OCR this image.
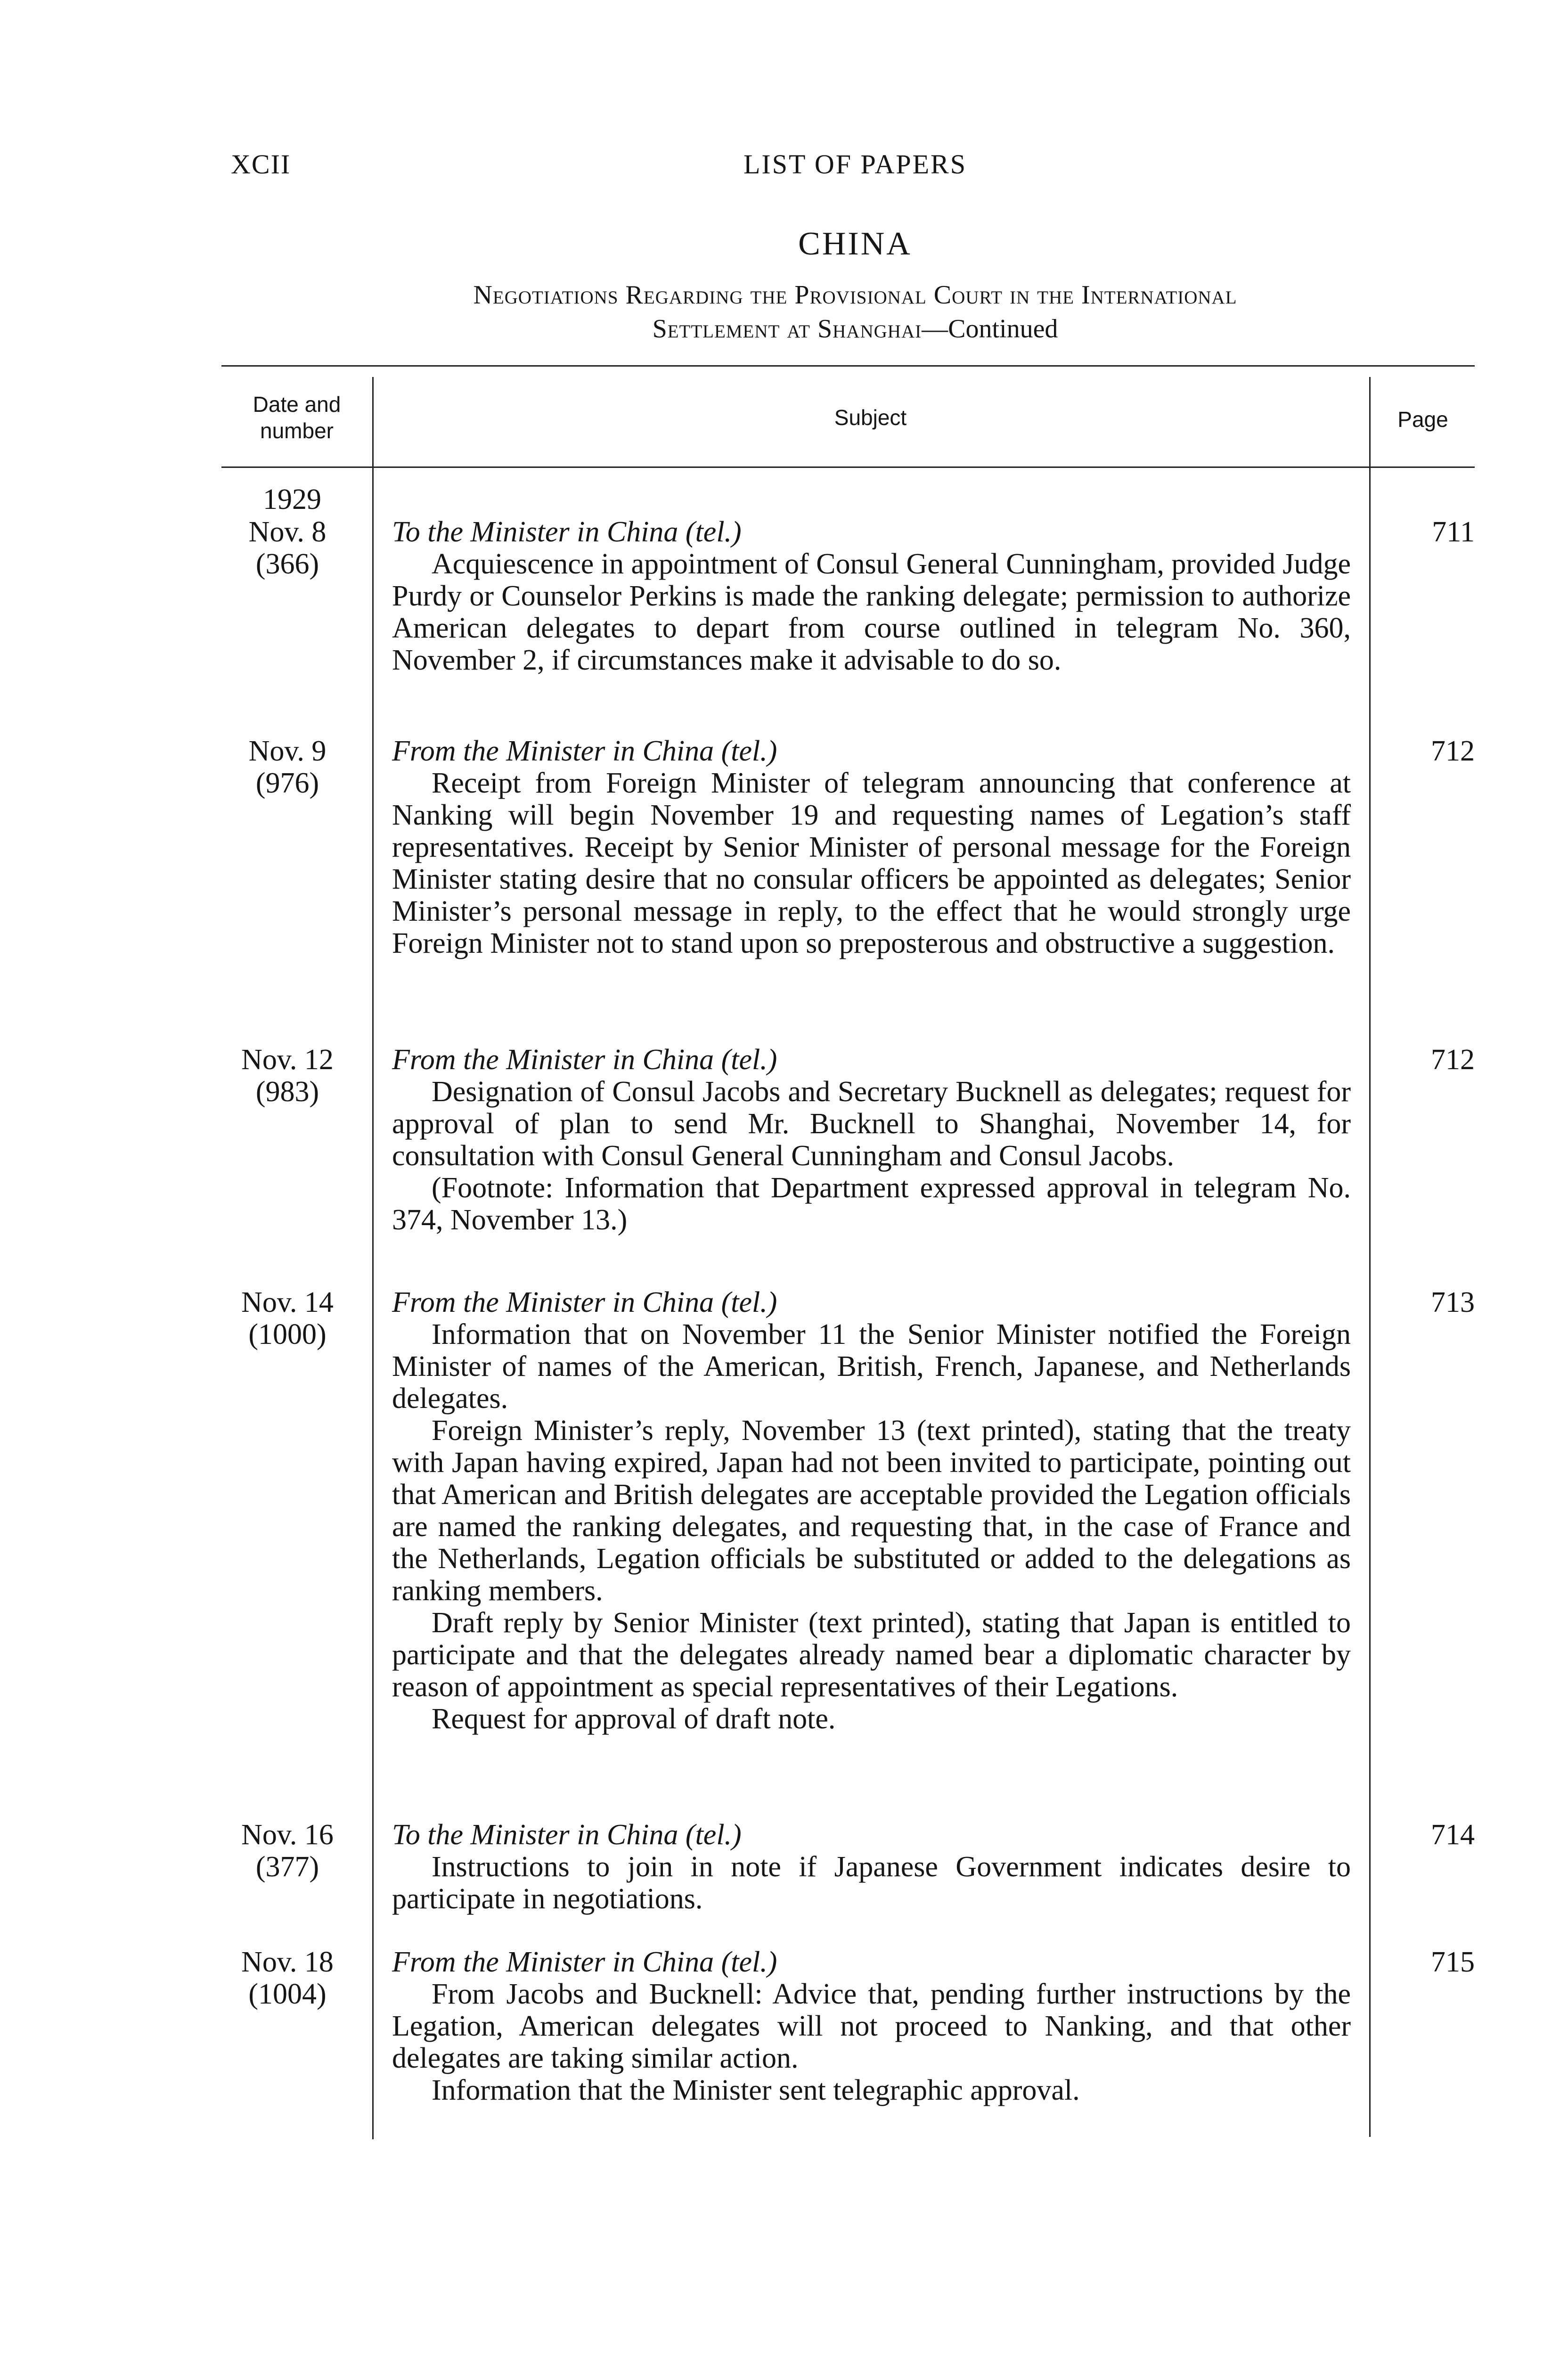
XCII	LIST OF PAPERS
CHINA
Negotiations Regarding the Provisional Court in the International
Settlement at Shanghai—Continued
Date and number
Subject	Page
1929
Nov. 8
(366)

To the Minister in China (tel.)

Acquiescence in appointment of Consul General Cunningham, provided Judge Purdy or Counselor Perkins is made the ranking delegate; permission to authorize American delegates to depart from course outlined in telegram No. 360, November 2, if circumstances make it advisable to do so.

711
Nov. 9
(976)

From the Minister in China (tel.)

Receipt from Foreign Minister of telegram announcing that conference at Nanking will begin November 19 and requesting names of Legation’s staff representatives. Receipt by Senior Minister of personal message for the Foreign Minister stating desire that no consular officers be appointed as delegates; Senior Minister’s personal message in reply, to the effect that he would strongly urge Foreign Minister not to stand upon so preposterous and obstructive a suggestion.

712
Nov. 12
(983)

From the Minister in China (tel.)

Designation of Consul Jacobs and Secretary Bucknell as delegates; request for approval of plan to send Mr. Bucknell to Shanghai, November 14, for consultation with Consul General Cunningham and Consul Jacobs.

(Footnote: Information that Department expressed approval in telegram No. 374, November 13.)

712
Nov. 14
(1000)

From the Minister in China (tel.)

Information that on November 11 the Senior Minister notified the Foreign Minister of names of the American, British, French, Japanese, and Netherlands delegates.

Foreign Minister’s reply, November 13 (text printed), stating that the treaty with Japan having expired, Japan had not been invited to participate, pointing out that American and British delegates are acceptable provided the Legation officials are named the ranking delegates, and requesting that, in the case of France and the Netherlands, Legation officials be substituted or added to the delegations as ranking members.

Draft reply by Senior Minister (text printed), stating that Japan is entitled to participate and that the delegates already named bear a diplomatic character by reason of appointment as special representatives of their Legations.

Request for approval of draft note.

713
Nov. 16
(377)

To the Minister in China (tel.)

Instructions to join in note if Japanese Government indicates desire to participate in negotiations.

714
Nov. 18
(1004)

From the Minister in China (tel.)

From Jacobs and Bucknell: Advice that, pending further instructions by the Legation, American delegates will not proceed to Nanking, and that other delegates are taking similar action.

Information that the Minister sent telegraphic approval.

715
